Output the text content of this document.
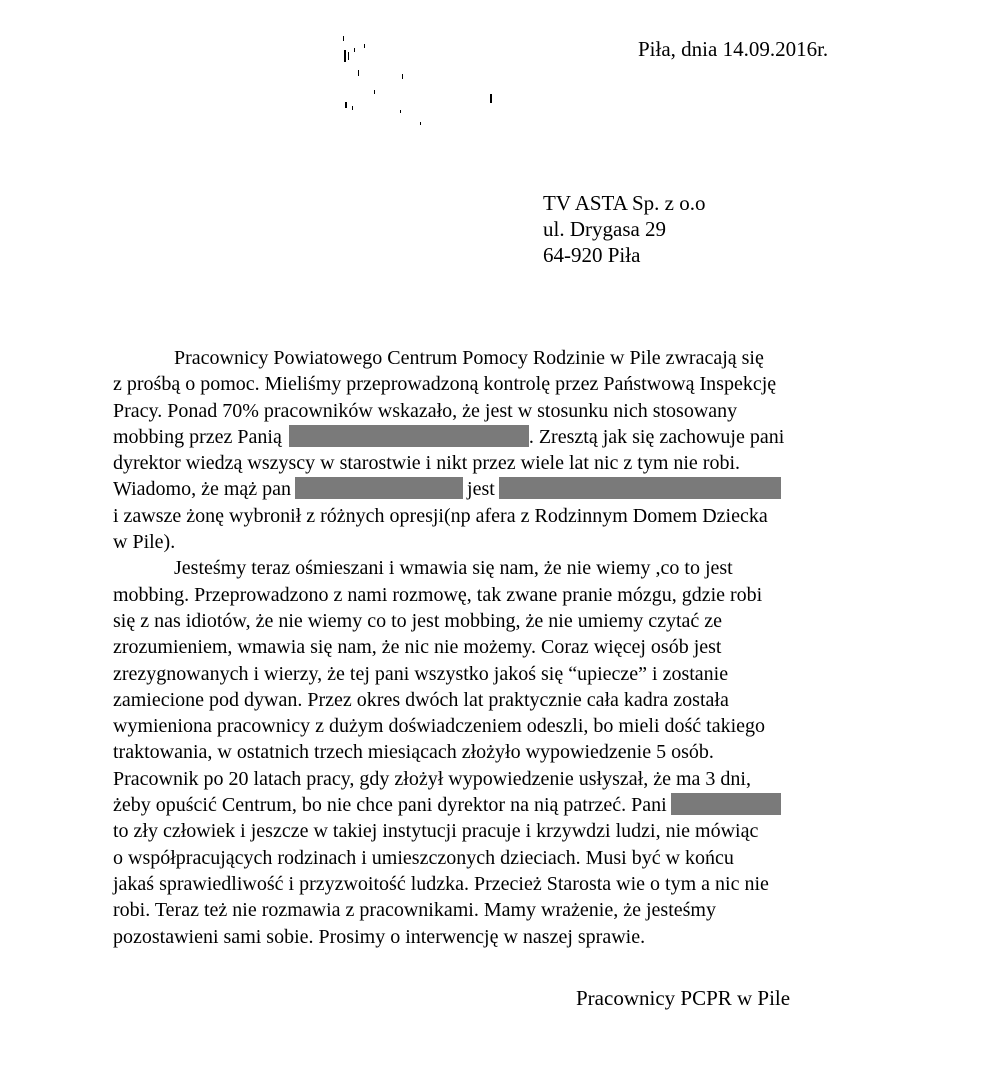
Piła, dnia 14.09.2016r.
TV ASTA Sp. z o.o
ul. Drygasa 29
64-920 Piła
Pracownicy Powiatowego Centrum Pomocy Rodzinie w Pile zwracają się
z prośbą o pomoc. Mieliśmy przeprowadzoną kontrolę przez Państwową Inspekcję
Pracy. Ponad 70% pracowników wskazało, że jest w stosunku nich stosowany
mobbing przez Panią	. Zresztą jak się zachowuje pani
dyrektor wiedzą wszyscy w starostwie i nikt przez wiele lat nic z tym nie robi.
Wiadomo, że mąż pan	jest
i zawsze żonę wybronił z różnych opresji(np afera z Rodzinnym Domem Dziecka
w Pile).
Jesteśmy teraz ośmieszani i wmawia się nam, że nie wiemy ,co to jest
mobbing. Przeprowadzono z nami rozmowę, tak zwane pranie mózgu, gdzie robi
się z nas idiotów, że nie wiemy co to jest mobbing, że nie umiemy czytać ze
zrozumieniem, wmawia się nam, że nic nie możemy. Coraz więcej osób jest
zrezygnowanych i wierzy, że tej pani wszystko jakoś się “upiecze” i zostanie
zamiecione pod dywan. Przez okres dwóch lat praktycznie cała kadra została
wymieniona pracownicy z dużym doświadczeniem odeszli, bo mieli dość takiego
traktowania, w ostatnich trzech miesiącach złożyło wypowiedzenie 5 osób.
Pracownik po 20 latach pracy, gdy złożył wypowiedzenie usłyszał, że ma 3 dni,
żeby opuścić Centrum, bo nie chce pani dyrektor na nią patrzeć. Pani
to zły człowiek i jeszcze w takiej instytucji pracuje i krzywdzi ludzi, nie mówiąc
o współpracujących rodzinach i umieszczonych dzieciach. Musi być w końcu
jakaś sprawiedliwość i przyzwoitość ludzka. Przecież Starosta wie o tym a nic nie
robi. Teraz też nie rozmawia z pracownikami. Mamy wrażenie, że jesteśmy
pozostawieni sami sobie. Prosimy o interwencję w naszej sprawie.
Pracownicy PCPR w Pile
